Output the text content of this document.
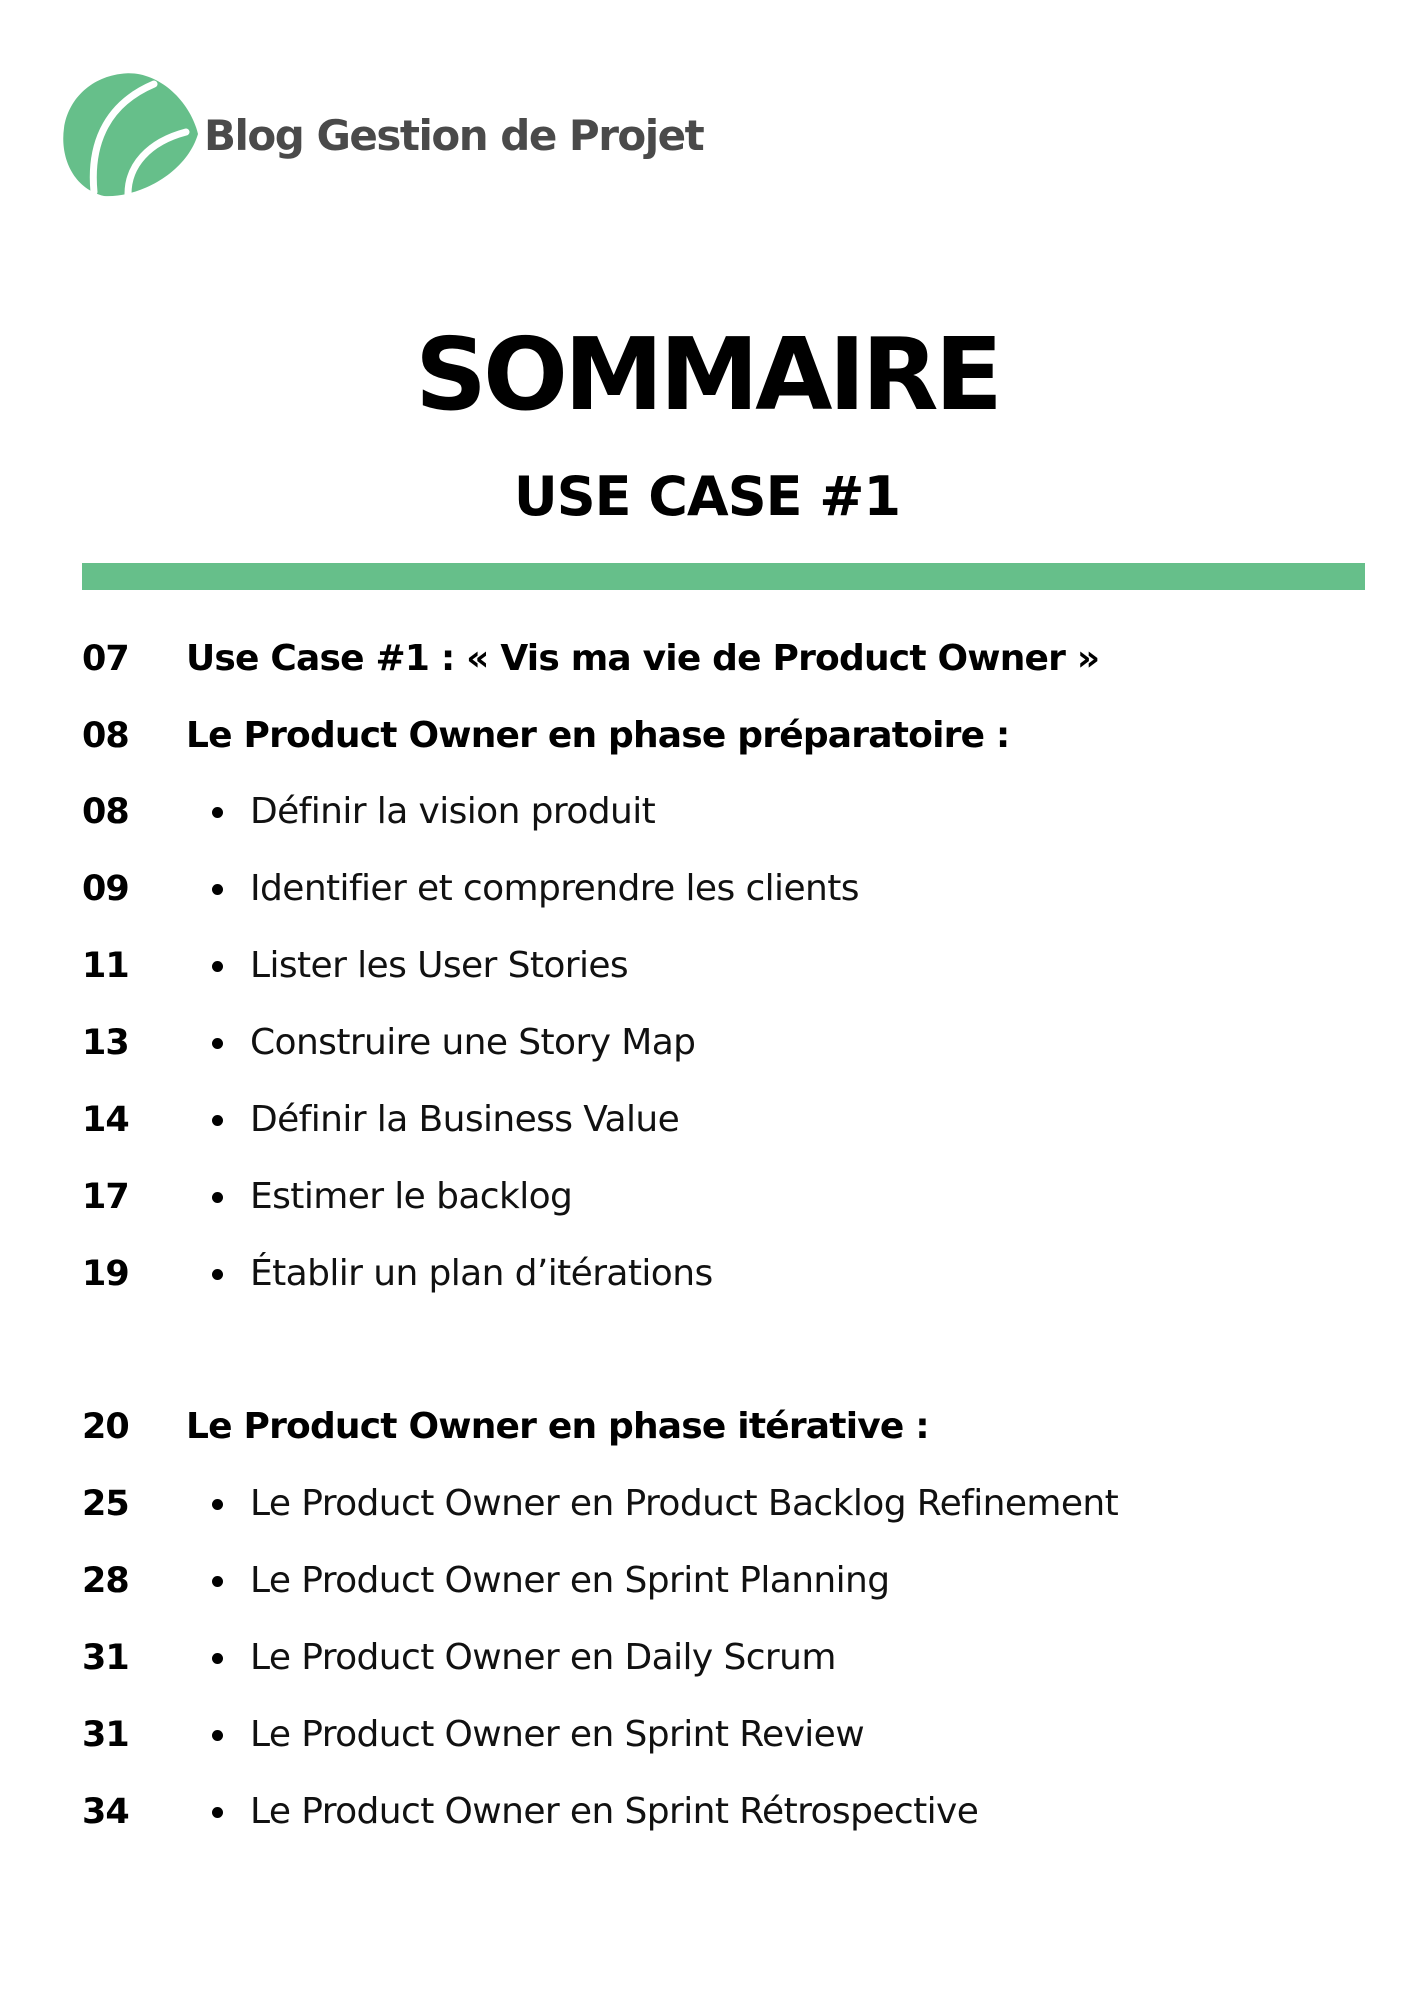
Blog Gestion de Projet
SOMMAIRE
USE CASE #1
07 Use Case #1 : « Vis ma vie de Product Owner »
08 Le Product Owner en phase préparatoire :
08	Définir la vision produit
09	Identifier et comprendre les clients
11	Lister les User Stories
13	Construire une Story Map
14	Définir la Business Value
17	Estimer le backlog
19	Établir un plan d’itérations
20 Le Product Owner en phase itérative :
25	Le Product Owner en Product Backlog Refinement
28	Le Product Owner en Sprint Planning
31	Le Product Owner en Daily Scrum
31	Le Product Owner en Sprint Review
34	Le Product Owner en Sprint Rétrospective
